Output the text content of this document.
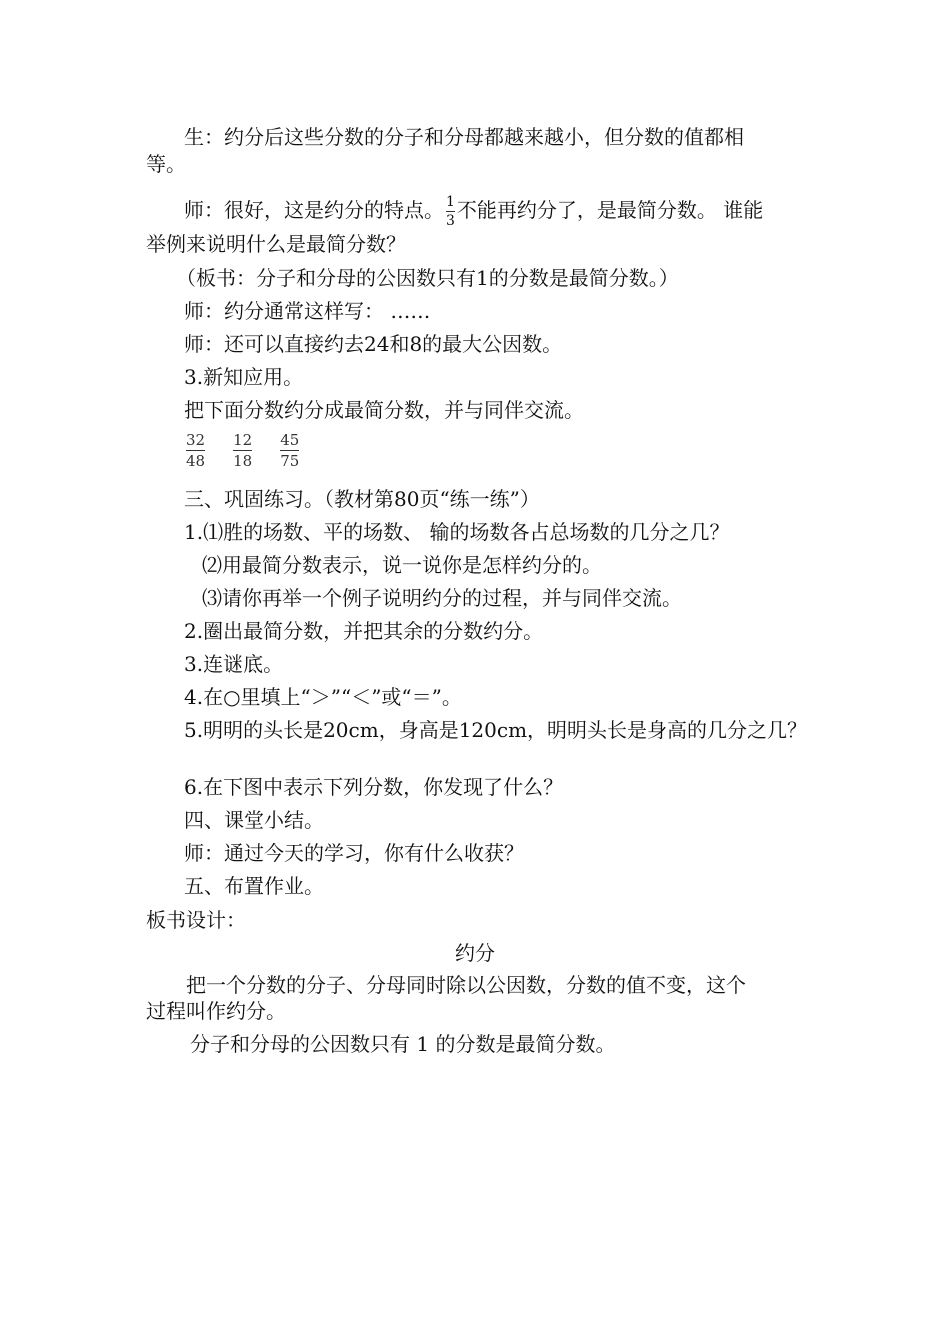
生：约分后这些分数的分子和分母都越来越小，但分数的值都相
等。
师：很好，这是约分的特点。 $\frac{1}{3}$ 不能再约分了，是最简分数。 谁能
举例来说明什么是最简分数？
（板书：分子和分母的公因数只有1的分数是最简分数。）
师：约分通常这样写： ……
师：还可以直接约去24和8的最大公因数。
3.新知应用。
把下面分数约分成最简分数，并与同伴交流。
$\frac{32}{48} \frac{12}{18} \frac{45}{75}$
三、巩固练习。（教材第80页“练一练”）
1.⑴胜的场数、平的场数、 输的场数各占总场数的几分之几？
⑵用最简分数表示，说一说你是怎样约分的。
⑶请你再举一个例子说明约分的过程，并与同伴交流。
2.圈出最简分数，并把其余的分数约分。
3.连谜底。
4.在○里填上“＞”“＜”或“＝”。
5.明明的头长是20cm，身高是120cm，明明头长是身高的几分之几？
6.在下图中表示下列分数，你发现了什么？
四、课堂小结。
师：通过今天的学习，你有什么收获？
五、布置作业。
板书设计：
约分
把一个分数的分子、分母同时除以公因数，分数的值不变，这个
过程叫作约分。
分子和分母的公因数只有 1 的分数是最简分数。
